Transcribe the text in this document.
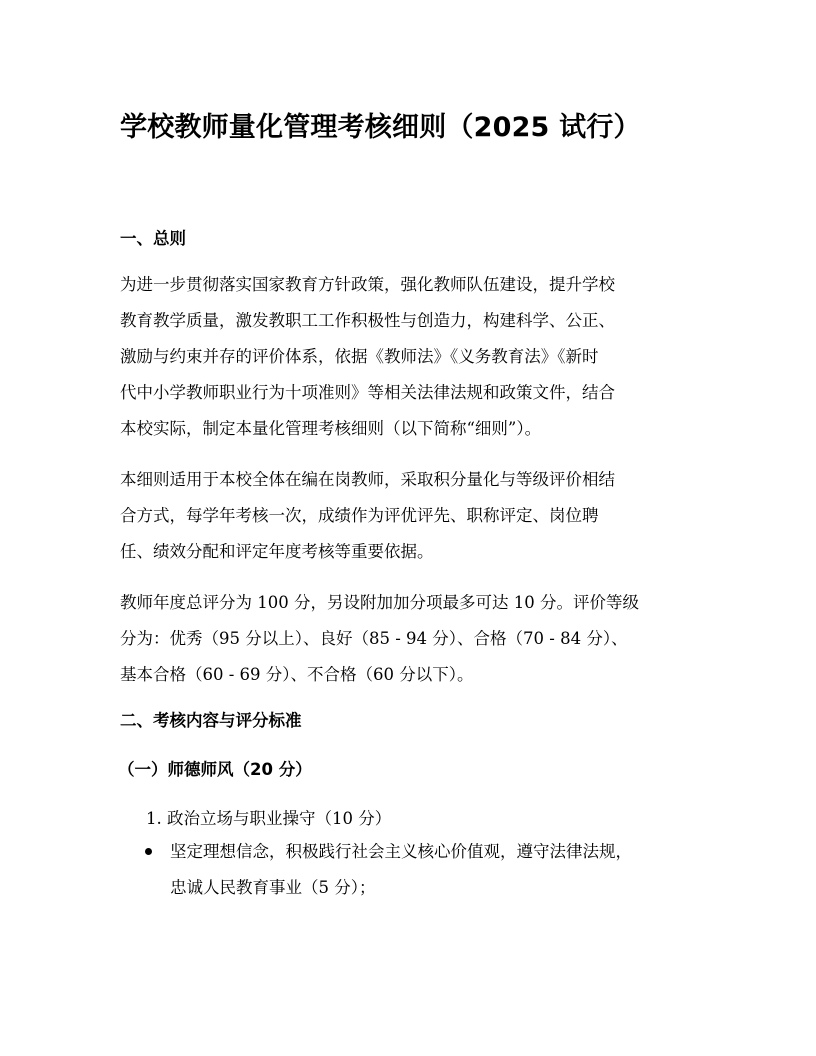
学校教师量化管理考核细则（2025 试行）
一、总则
为进一步贯彻落实国家教育方针政策，强化教师队伍建设，提升学校
教育教学质量，激发教职工工作积极性与创造力，构建科学、公正、
激励与约束并存的评价体系，依据《教师法》《义务教育法》《新时
代中小学教师职业行为十项准则》等相关法律法规和政策文件，结合
本校实际，制定本量化管理考核细则（以下简称“细则”）。
本细则适用于本校全体在编在岗教师，采取积分量化与等级评价相结
合方式，每学年考核一次，成绩作为评优评先、职称评定、岗位聘
任、绩效分配和评定年度考核等重要依据。
教师年度总评分为 100 分，另设附加加分项最多可达 10 分。评价等级
分为：优秀（95 分以上）、良好（85 - 94 分）、合格（70 - 84 分）、
基本合格（60 - 69 分）、不合格（60 分以下）。
二、考核内容与评分标准
（一）师德师风（20 分）
1. 政治立场与职业操守（10 分）
坚定理想信念，积极践行社会主义核心价值观，遵守法律法规，
忠诚人民教育事业（5 分）；
